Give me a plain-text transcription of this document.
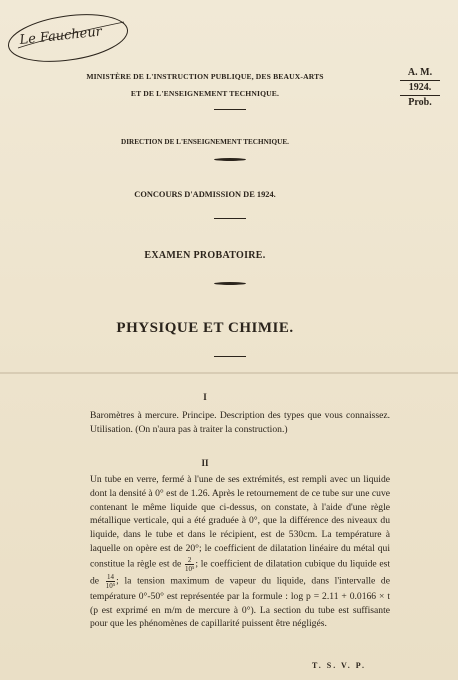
Le Faucheur
A. M.
1924.
Prob.
MINISTÈRE DE L'INSTRUCTION PUBLIQUE, DES BEAUX-ARTS
ET DE L'ENSEIGNEMENT TECHNIQUE.
DIRECTION DE L'ENSEIGNEMENT TECHNIQUE.
CONCOURS D'ADMISSION DE 1924.
EXAMEN PROBATOIRE.
PHYSIQUE ET CHIMIE.
I
Baromètres à mercure. Principe. Description des types que vous connaissez. Utilisation. (On n'aura pas à traiter la construction.)
II
Un tube en verre, fermé à l'une de ses extrémités, est rempli avec un liquide dont la densité à 0° est de 1.26. Après le retournement de ce tube sur une cuve contenant le même liquide que ci-dessus, on constate, à l'aide d'une règle métallique verticale, qui a été graduée à 0°, que la différence des niveaux du liquide, dans le tube et dans le récipient, est de 530cm. La température à laquelle on opère est de 20°; le coefficient de dilatation linéaire du métal qui constitue la règle est de $\frac{2}{\text{10⁵}}$ ; le coefficient de dilatation cubique du liquide est de $\frac{14}{\text{10⁵}}$ ; la tension maximum de vapeur du liquide, dans l'intervalle de température 0°-50° est représentée par la formule : log p = 2.11 + 0.0166 × t (p est exprimé en m/m de mercure à 0°). La section du tube est suffisante pour que les phénomènes de capillarité puissent être négligés.
T. S. V. P.
